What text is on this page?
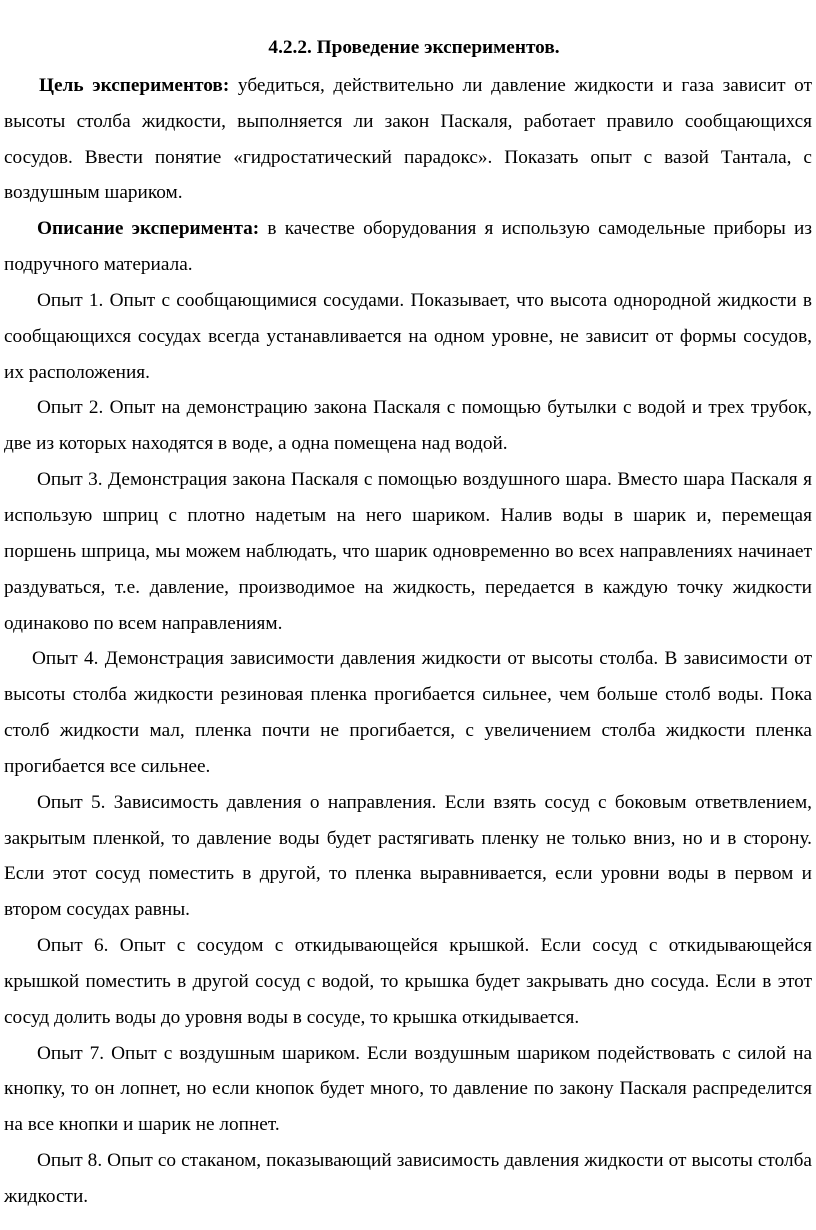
4.2.2. Проведение экспериментов.

Цель экспериментов: убедиться, действительно ли давление жидкости и газа зависит от высоты столба жидкости, выполняется ли закон Паскаля, работает правило сообщающихся сосудов. Ввести понятие «гидростатический парадокс». Показать опыт с вазой Тантала, с воздушным шариком.

Описание эксперимента: в качестве оборудования я использую самодельные приборы из подручного материала.

Опыт 1. Опыт с сообщающимися сосудами. Показывает, что высота однородной жидкости в сообщающихся сосудах всегда устанавливается на одном уровне, не зависит от формы сосудов, их расположения.

Опыт 2. Опыт на демонстрацию закона Паскаля с помощью бутылки с водой и трех трубок, две из которых находятся в воде, а одна помещена над водой.

Опыт 3. Демонстрация закона Паскаля с помощью воздушного шара. Вместо шара Паскаля я использую шприц с плотно надетым на него шариком. Налив воды в шарик и, перемещая поршень шприца, мы можем наблюдать, что шарик одновременно во всех направлениях начинает раздуваться, т.е. давление, производимое на жидкость, передается в каждую точку жидкости одинаково по всем направлениям.

Опыт 4. Демонстрация зависимости давления жидкости от высоты столба. В зависимости от высоты столба жидкости резиновая пленка прогибается сильнее, чем больше столб воды. Пока столб жидкости мал, пленка почти не прогибается, с увеличением столба жидкости пленка прогибается все сильнее.

Опыт 5. Зависимость давления о направления. Если взять сосуд с боковым ответвлением, закрытым пленкой, то давление воды будет растягивать пленку не только вниз, но и в сторону. Если этот сосуд поместить в другой, то пленка выравнивается, если уровни воды в первом и втором сосудах равны.

Опыт 6. Опыт с сосудом с откидывающейся крышкой. Если сосуд с откидывающейся крышкой поместить в другой сосуд с водой, то крышка будет закрывать дно сосуда. Если в этот сосуд долить воды до уровня воды в сосуде, то крышка откидывается.

Опыт 7. Опыт с воздушным шариком. Если воздушным шариком подействовать с силой на кнопку, то он лопнет, но если кнопок будет много, то давление по закону Паскаля распределится на все кнопки и шарик не лопнет.

Опыт 8. Опыт со стаканом, показывающий зависимость давления жидкости от высоты столба жидкости.
